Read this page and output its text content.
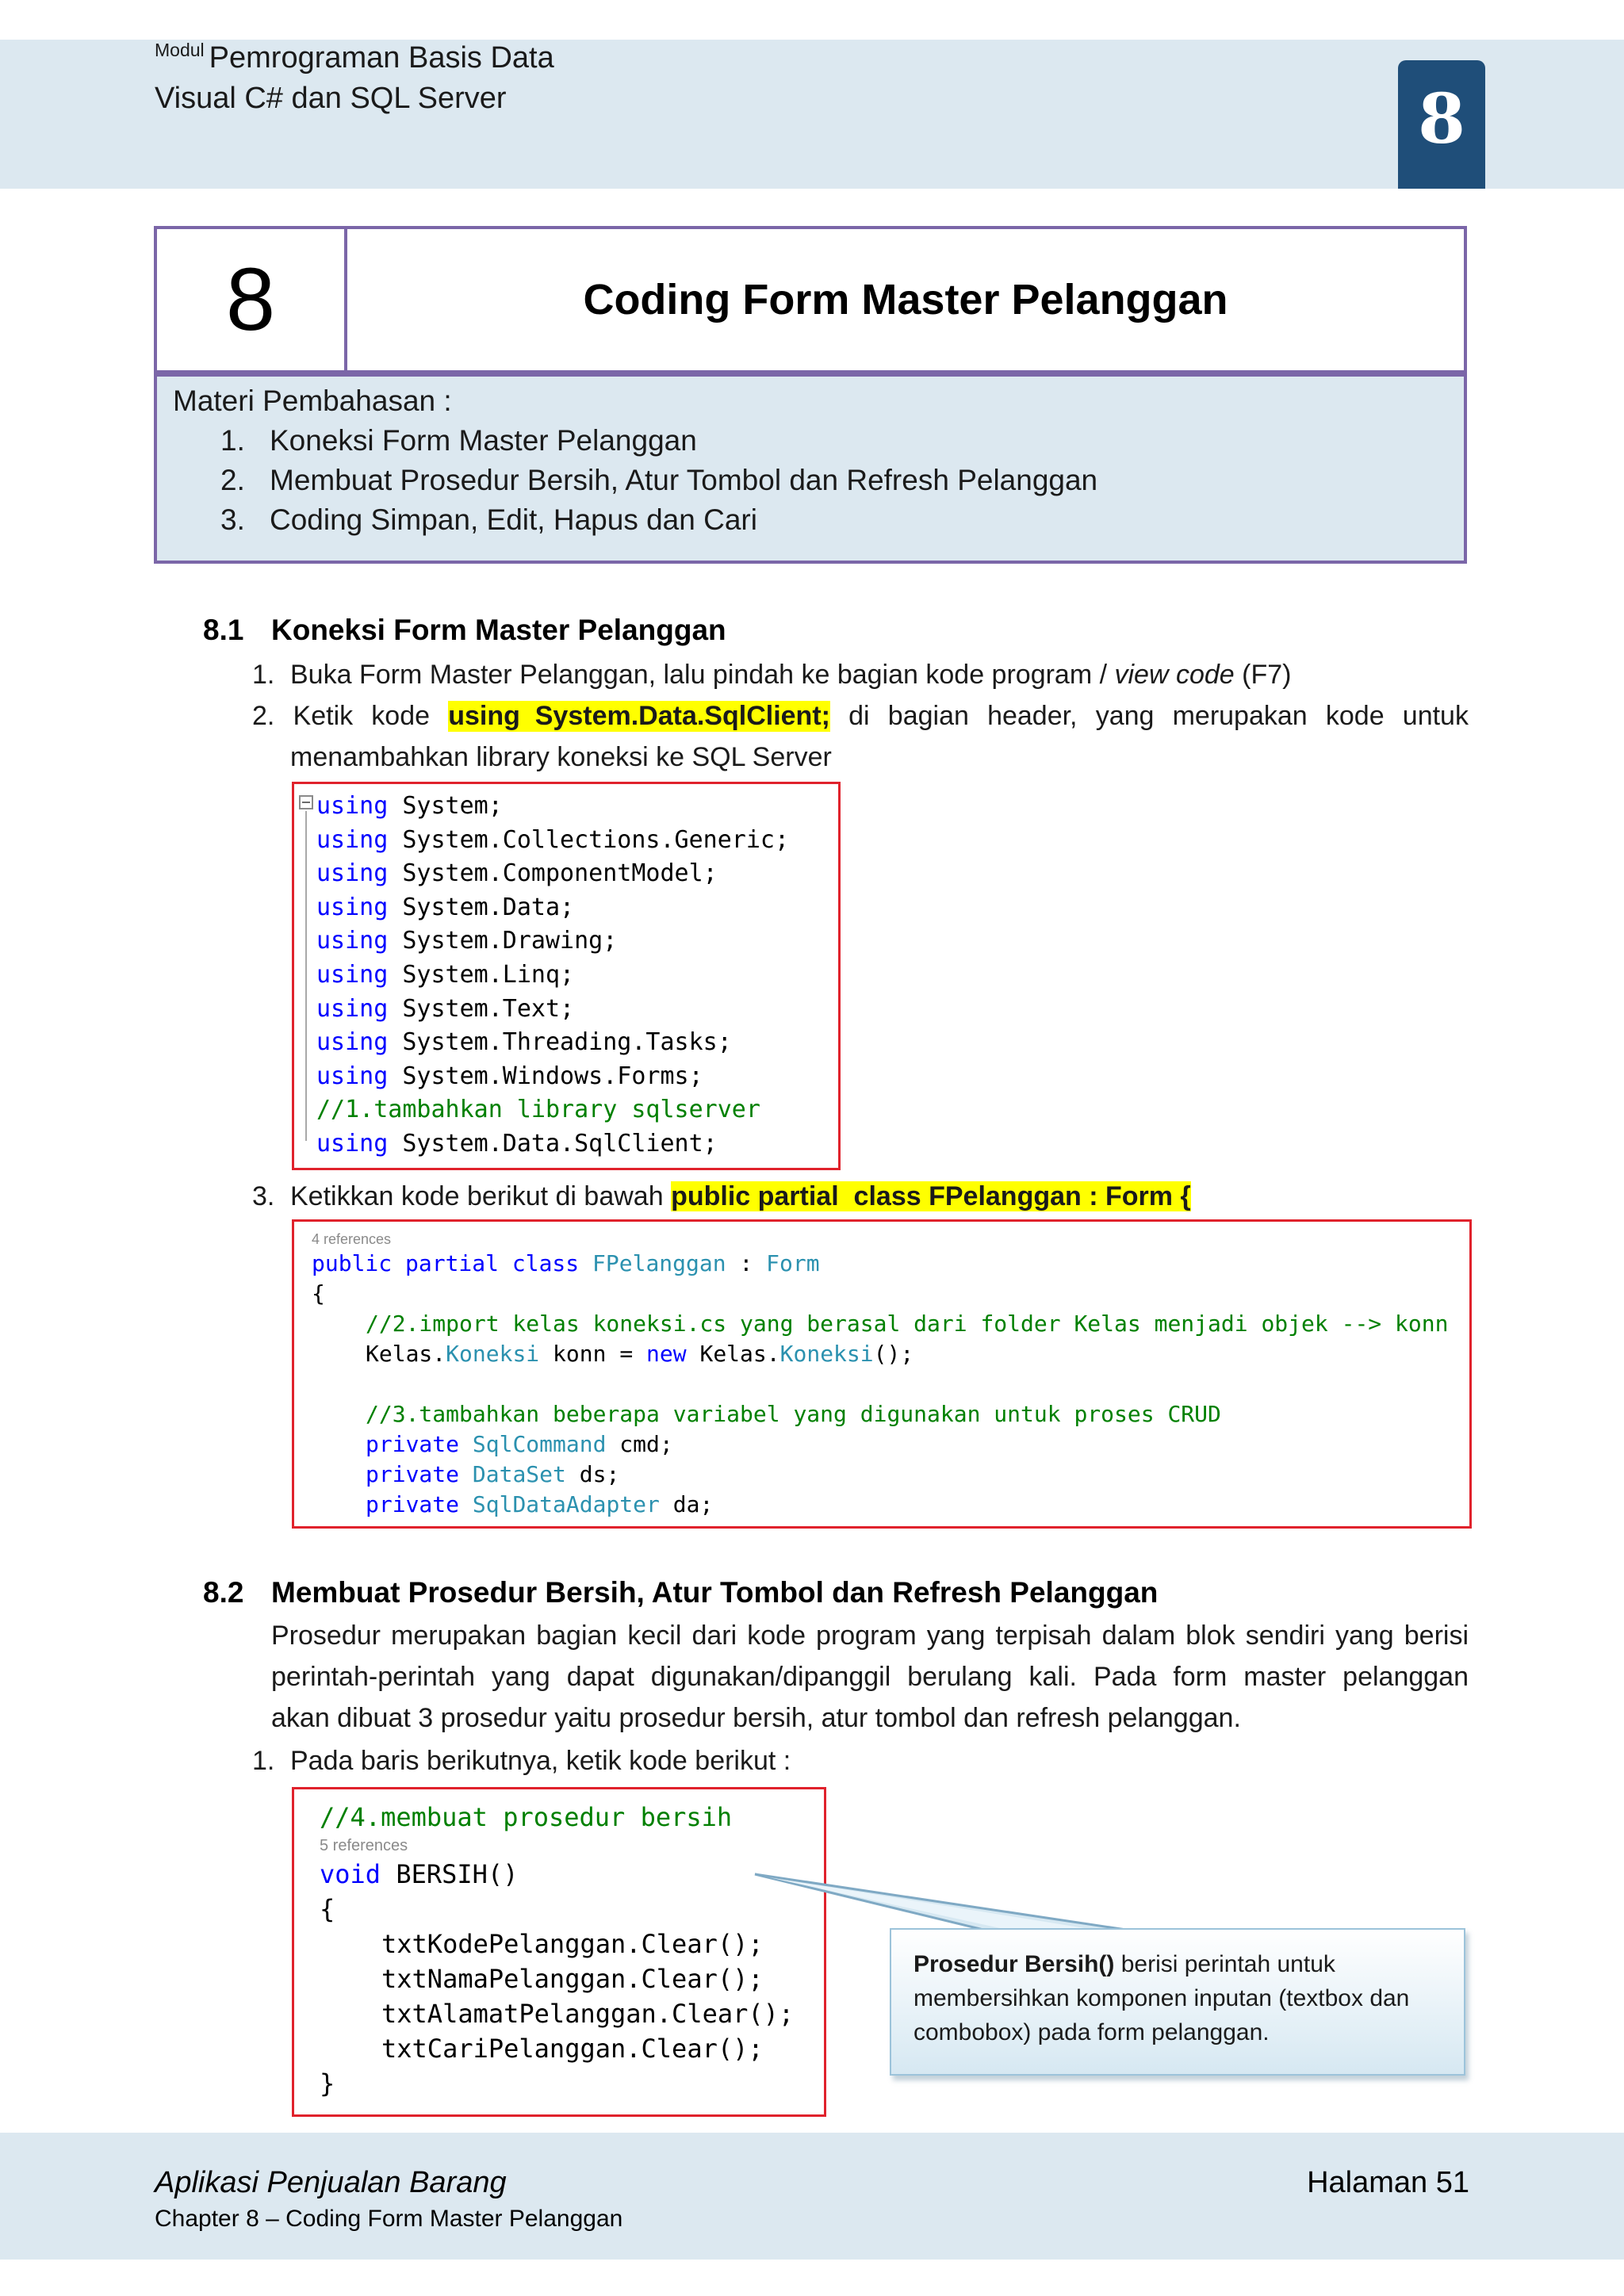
$^{Modul}$ Pemrograman Basis Data
Visual C# dan SQL Server	8
8	Coding Form Master Pelanggan
Materi Pembahasan :
1. Koneksi Form Master Pelanggan
2. Membuat Prosedur Bersih, Atur Tombol dan Refresh Pelanggan
3. Coding Simpan, Edit, Hapus dan Cari
8.1 Koneksi Form Master Pelanggan
1. Buka Form Master Pelanggan, lalu pindah ke bagian kode program / view code (F7)
2. Ketik kode using  System.Data.SqlClient; di bagian header, yang merupakan kode untuk
menambahkan library koneksi ke SQL Server
using System;
using System.Collections.Generic;
using System.ComponentModel;
using System.Data;
using System.Drawing;
using System.Linq;
using System.Text;
using System.Threading.Tasks;
using System.Windows.Forms;
//1.tambahkan library sqlserver
using System.Data.SqlClient;
3. Ketikkan kode berikut di bawah public partial  class FPelanggan : Form {
4 references
public partial class FPelanggan : Form
{
//2.import kelas koneksi.cs yang berasal dari folder Kelas menjadi objek --> konn
Kelas.Koneksi konn = new Kelas.Koneksi();
//3.tambahkan beberapa variabel yang digunakan untuk proses CRUD
private SqlCommand cmd;
private DataSet ds;
private SqlDataAdapter da;
8.2 Membuat Prosedur Bersih, Atur Tombol dan Refresh Pelanggan
Prosedur merupakan bagian kecil dari kode program yang terpisah dalam blok sendiri yang berisi
perintah-perintah yang dapat digunakan/dipanggil berulang kali. Pada form master pelanggan
akan dibuat 3 prosedur yaitu prosedur bersih, atur tombol dan refresh pelanggan.
1. Pada baris berikutnya, ketik kode berikut :
//4.membuat prosedur bersih
5 references
void BERSIH()
{
txtKodePelanggan.Clear();
txtNamaPelanggan.Clear();
txtAlamatPelanggan.Clear();
txtCariPelanggan.Clear();
}
Prosedur Bersih() berisi perintah untuk membersihkan komponen inputan (textbox dan combobox) pada form pelanggan.
Aplikasi Penjualan Barang
Chapter 8 – Coding Form Master Pelanggan
Halaman 51
